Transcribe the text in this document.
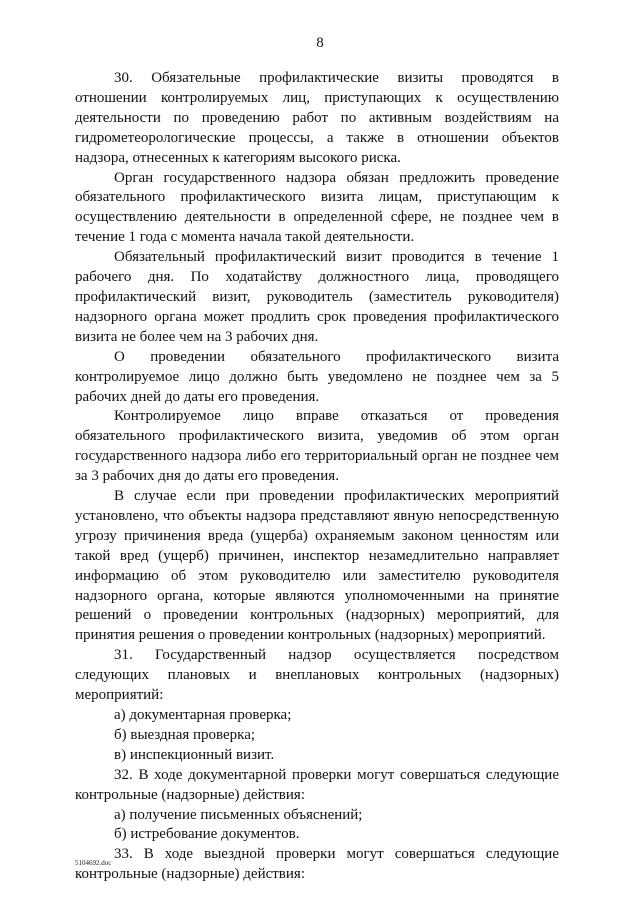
8

30. Обязательные профилактические визиты проводятся в отношении контролируемых лиц, приступающих к осуществлению деятельности по проведению работ по активным воздействиям на гидрометеорологические процессы, а также в отношении объектов надзора, отнесенных к категориям высокого риска.

Орган государственного надзора обязан предложить проведение обязательного профилактического визита лицам, приступающим к осуществлению деятельности в определенной сфере, не позднее чем в течение 1 года с момента начала такой деятельности.

Обязательный профилактический визит проводится в течение 1 рабочего дня. По ходатайству должностного лица, проводящего профилактический визит, руководитель (заместитель руководителя) надзорного органа может продлить срок проведения профилактического визита не более чем на 3 рабочих дня.

О проведении обязательного профилактического визита контролируемое лицо должно быть уведомлено не позднее чем за 5 рабочих дней до даты его проведения.

Контролируемое лицо вправе отказаться от проведения обязательного профилактического визита, уведомив об этом орган государственного надзора либо его территориальный орган не позднее чем за 3 рабочих дня до даты его проведения.

В случае если при проведении профилактических мероприятий установлено, что объекты надзора представляют явную непосредственную угрозу причинения вреда (ущерба) охраняемым законом ценностям или такой вред (ущерб) причинен, инспектор незамедлительно направляет информацию об этом руководителю или заместителю руководителя надзорного органа, которые являются уполномоченными на принятие решений о проведении контрольных (надзорных) мероприятий, для принятия решения о проведении контрольных (надзорных) мероприятий.

31. Государственный надзор осуществляется посредством следующих плановых и внеплановых контрольных (надзорных) мероприятий:

а) документарная проверка;

б) выездная проверка;

в) инспекционный визит.

32. В ходе документарной проверки могут совершаться следующие контрольные (надзорные) действия:

а) получение письменных объяснений;

б) истребование документов.

33. В ходе выездной проверки могут совершаться следующие контрольные (надзорные) действия:

5104692.doc
